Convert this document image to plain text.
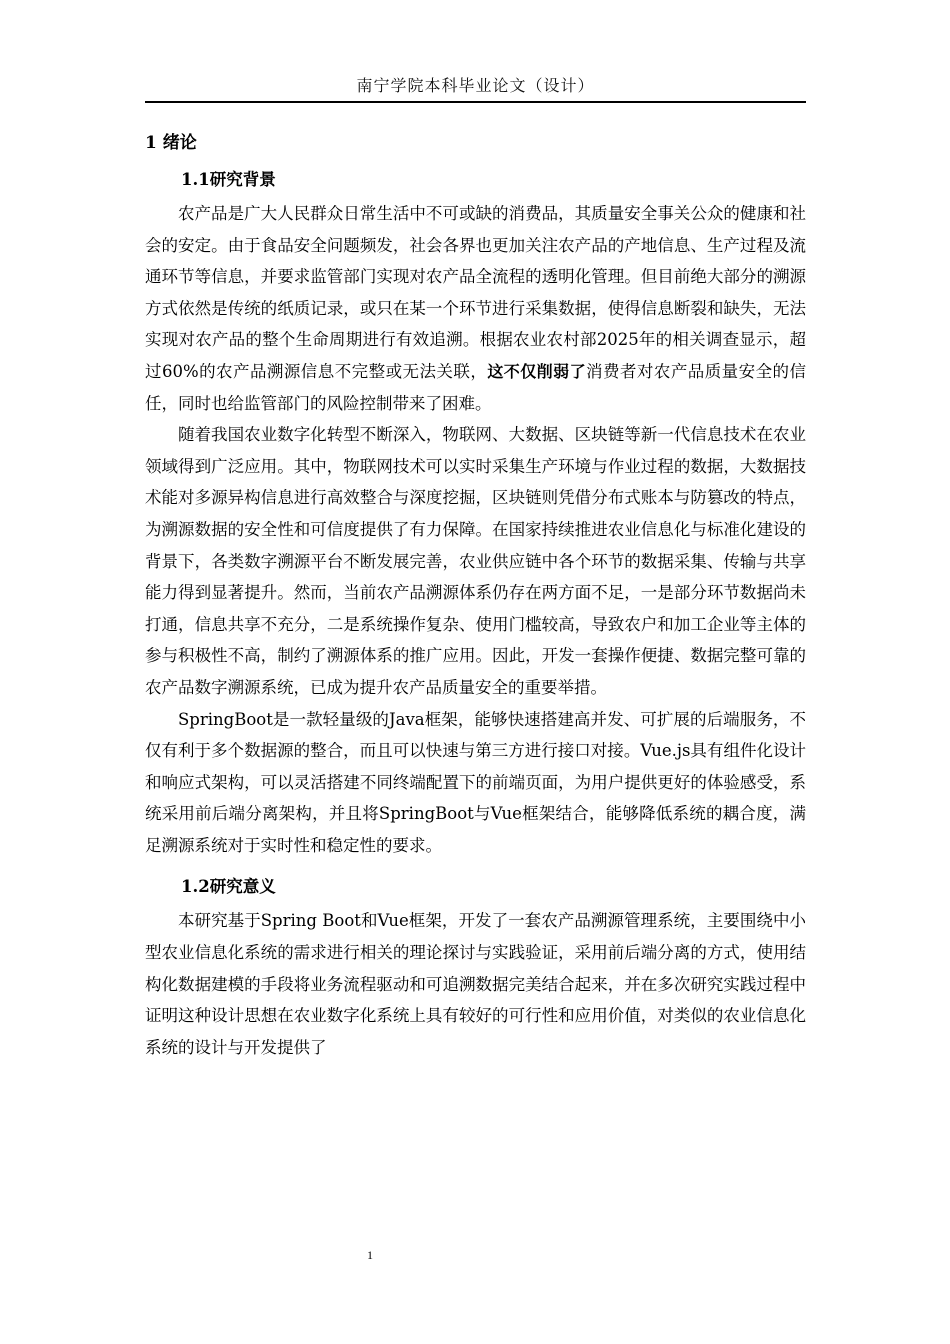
南宁学院本科毕业论文（设计）
1 绪论
1.1研究背景

农产品是广大人民群众日常生活中不可或缺的消费品，其质量安全事关公众的健康和社会的安定。由于食品安全问题频发，社会各界也更加关注农产品的产地信息、生产过程及流通环节等信息，并要求监管部门实现对农产品全流程的透明化管理。但目前绝大部分的溯源方式依然是传统的纸质记录，或只在某一个环节进行采集数据，使得信息断裂和缺失，无法实现对农产品的整个生命周期进行有效追溯。根据农业农村部2025年的相关调查显示，超过60%的农产品溯源信息不完整或无法关联，这不仅削弱了消费者对农产品质量安全的信任，同时也给监管部门的风险控制带来了困难。

随着我国农业数字化转型不断深入，物联网、大数据、区块链等新一代信息技术在农业领域得到广泛应用。其中，物联网技术可以实时采集生产环境与作业过程的数据，大数据技术能对多源异构信息进行高效整合与深度挖掘，区块链则凭借分布式账本与防篡改的特点，为溯源数据的安全性和可信度提供了有力保障。在国家持续推进农业信息化与标准化建设的背景下，各类数字溯源平台不断发展完善，农业供应链中各个环节的数据采集、传输与共享能力得到显著提升。然而，当前农产品溯源体系仍存在两方面不足，一是部分环节数据尚未打通，信息共享不充分，二是系统操作复杂、使用门槛较高，导致农户和加工企业等主体的参与积极性不高，制约了溯源体系的推广应用。因此，开发一套操作便捷、数据完整可靠的农产品数字溯源系统，已成为提升农产品质量安全的重要举措。

SpringBoot是一款轻量级的Java框架，能够快速搭建高并发、可扩展的后端服务，不仅有利于多个数据源的整合，而且可以快速与第三方进行接口对接。Vue.js具有组件化设计和响应式架构，可以灵活搭建不同终端配置下的前端页面，为用户提供更好的体验感受，系统采用前后端分离架构，并且将SpringBoot与Vue框架结合，能够降低系统的耦合度，满足溯源系统对于实时性和稳定性的要求。

1.2研究意义

本研究基于Spring Boot和Vue框架，开发了一套农产品溯源管理系统，主要围绕中小型农业信息化系统的需求进行相关的理论探讨与实践验证，采用前后端分离的方式，使用结构化数据建模的手段将业务流程驱动和可追溯数据完美结合起来，并在多次研究实践过程中证明这种设计思想在农业数字化系统上具有较好的可行性和应用价值，对类似的农业信息化系统的设计与开发提供了

1
